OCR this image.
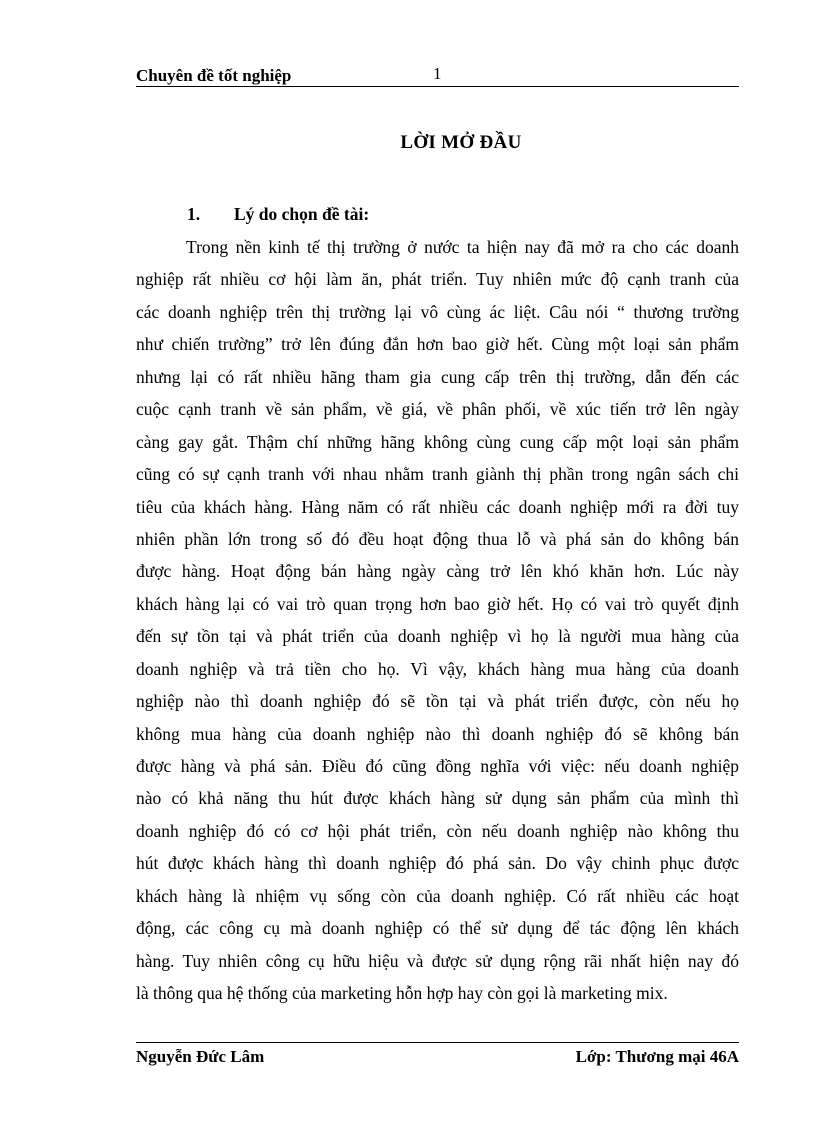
Chuyên đề tốt nghiệp	1
LỜI MỞ ĐẦU
1. Lý do chọn đề tài:
Trong nền kinh tế thị trường ở nước ta hiện nay đã mở ra cho các doanh
nghiệp rất nhiều cơ hội làm ăn, phát triển. Tuy nhiên mức độ cạnh tranh của
các doanh nghiệp trên thị trường lại vô cùng ác liệt. Câu nói “ thương trường
như chiến trường” trở lên đúng đắn hơn bao giờ hết. Cùng một loại sản phẩm
nhưng lại có rất nhiều hãng tham gia cung cấp trên thị trường, dẫn đến các
cuộc cạnh tranh về sản phẩm, về giá, về phân phối, về xúc tiến trở lên ngày
càng gay gắt. Thậm chí những hãng không cùng cung cấp một loại sản phẩm
cũng có sự cạnh tranh với nhau nhằm tranh giành thị phần trong ngân sách chi
tiêu của khách hàng. Hàng năm có rất nhiều các doanh nghiệp mới ra đời tuy
nhiên phần lớn trong số đó đều hoạt động thua lỗ và phá sản do không bán
được hàng. Hoạt động bán hàng ngày càng trở lên khó khăn hơn. Lúc này
khách hàng lại có vai trò quan trọng hơn bao giờ hết. Họ có vai trò quyết định
đến sự tồn tại và phát triển của doanh nghiệp vì họ là người mua hàng của
doanh nghiệp và trả tiền cho họ. Vì vậy, khách hàng mua hàng của doanh
nghiệp nào thì doanh nghiệp đó sẽ tồn tại và phát triển được, còn nếu họ
không mua hàng của doanh nghiệp nào thì doanh nghiệp đó sẽ không bán
được hàng và phá sản. Điều đó cũng đồng nghĩa với việc: nếu doanh nghiệp
nào có khả năng thu hút được khách hàng sử dụng sản phẩm của mình thì
doanh nghiệp đó có cơ hội phát triển, còn nếu doanh nghiệp nào không thu
hút được khách hàng thì doanh nghiệp đó phá sản. Do vậy chinh phục được
khách hàng là nhiệm vụ sống còn của doanh nghiệp. Có rất nhiều các hoạt
động, các công cụ mà doanh nghiệp có thể sử dụng để tác động lên khách
hàng. Tuy nhiên công cụ hữu hiệu và được sử dụng rộng rãi nhất hiện nay đó
là thông qua hệ thống của marketing hỗn hợp hay còn gọi là marketing mix.
Nguyễn Đức Lâm	Lớp: Thương mại 46A
